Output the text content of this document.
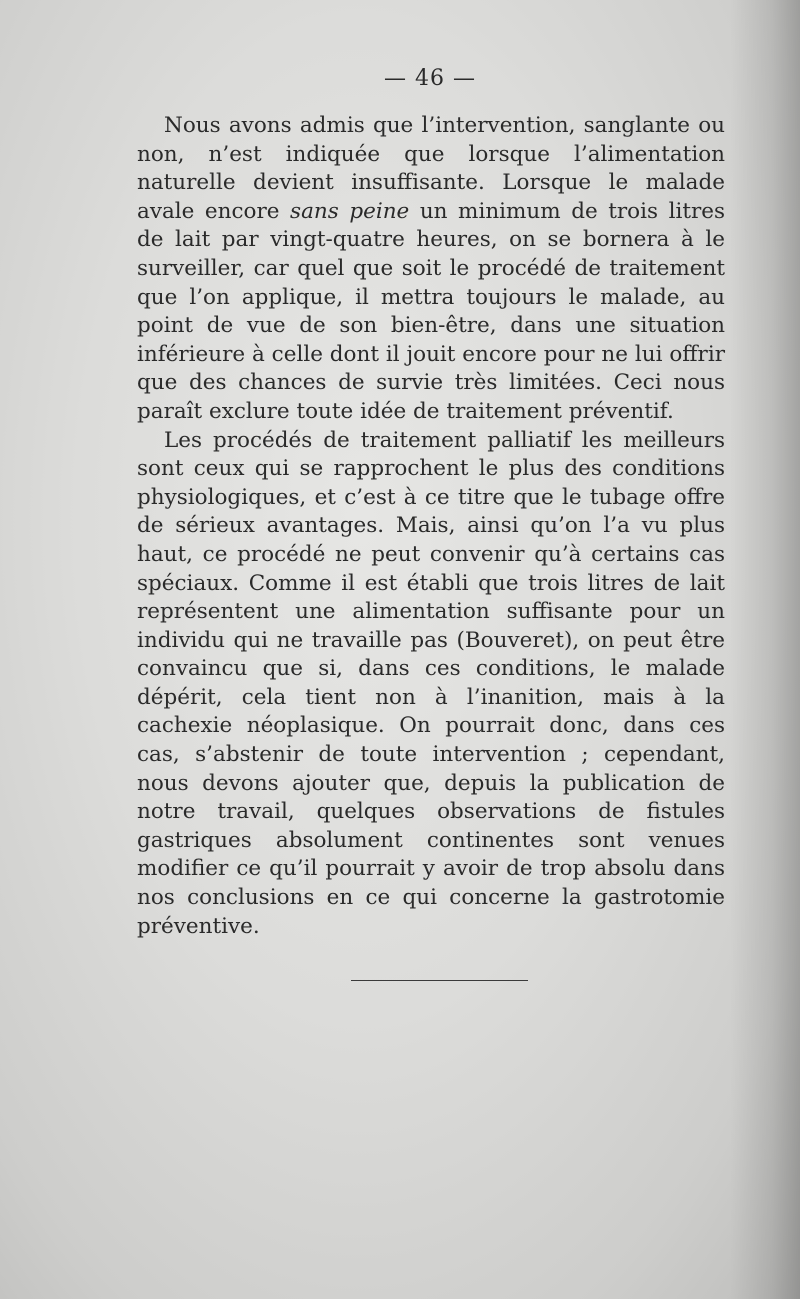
— 46 —

Nous avons admis que l’intervention, sanglante ou non, n’est indiquée que lorsque l’alimentation naturelle devient insuffisante. Lorsque le malade avale encore sans peine un minimum de trois litres de lait par vingt-quatre heures, on se bornera à le surveiller, car quel que soit le procédé de traitement que l’on applique, il mettra toujours le malade, au point de vue de son bien-être, dans une situation inférieure à celle dont il jouit encore pour ne lui offrir que des chances de survie très limitées. Ceci nous paraît exclure toute idée de traitement préventif.

Les procédés de traitement palliatif les meilleurs sont ceux qui se rapprochent le plus des conditions physiologiques, et c’est à ce titre que le tubage offre de sérieux avantages. Mais, ainsi qu’on l’a vu plus haut, ce procédé ne peut convenir qu’à certains cas spéciaux. Comme il est établi que trois litres de lait représentent une alimentation suffisante pour un individu qui ne travaille pas (Bouveret), on peut être convaincu que si, dans ces conditions, le malade dépérit, cela tient non à l’inanition, mais à la cachexie néoplasique. On pourrait donc, dans ces cas, s’abstenir de toute intervention ; cependant, nous devons ajouter que, depuis la publication de notre travail, quelques observations de fistules gastriques absolument continentes sont venues modifier ce qu’il pourrait y avoir de trop absolu dans nos conclusions en ce qui concerne la gastrotomie préventive.
